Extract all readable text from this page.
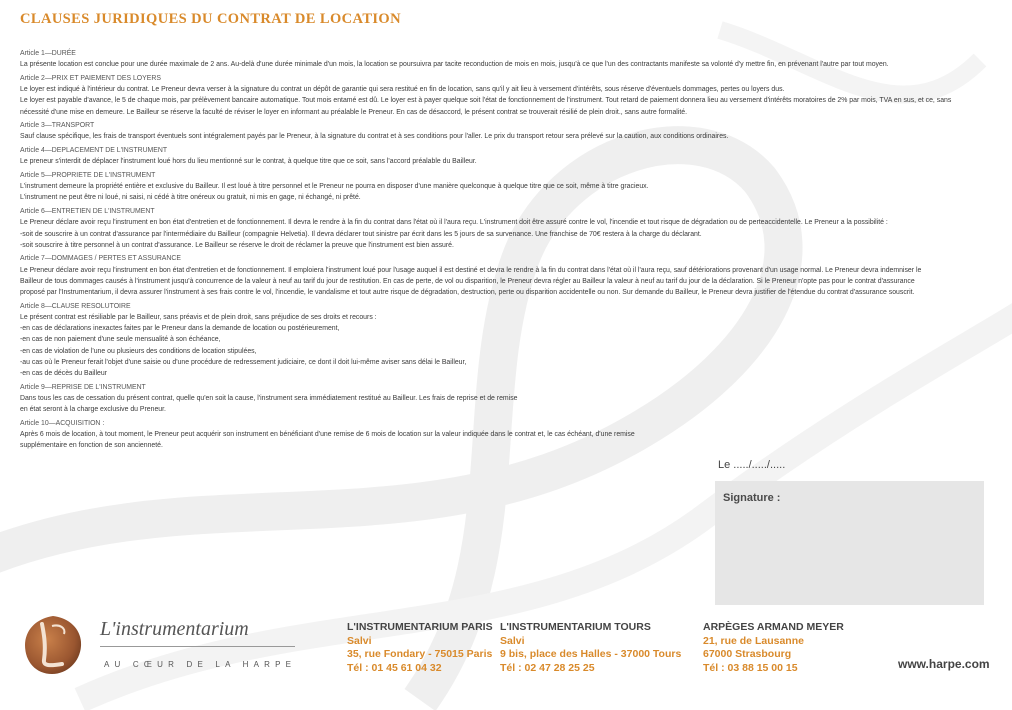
CLAUSES JURIDIQUES DU CONTRAT DE LOCATION
Article 1—DURÉE
La présente location est conclue pour une durée maximale de 2 ans. Au-delà d'une durée minimale d'un mois, la location se poursuivra par tacite reconduction de mois en mois, jusqu'à ce que l'un des contractants manifeste sa volonté d'y mettre fin, en prévenant l'autre par tout moyen.
Article 2—PRIX ET PAIEMENT DES LOYERS
Le loyer est indiqué à l'intérieur du contrat. Le Preneur devra verser à la signature du contrat un dépôt de garantie qui sera restitué en fin de location, sans qu'il y ait lieu à versement d'intérêts, sous réserve d'éventuels dommages, pertes ou loyers dus.
Le loyer est payable d'avance, le 5 de chaque mois, par prélèvement bancaire automatique. Tout mois entamé est dû. Le loyer est à payer quelque soit l'état de fonctionnement de l'instrument. Tout retard de paiement donnera lieu au versement d'intérêts moratoires de 2% par mois, TVA en sus, et ce, sans
nécessité d'une mise en demeure. Le Bailleur se réserve la faculté de réviser le loyer en informant au préalable le Preneur. En cas de désaccord, le présent contrat se trouverait résilié de plein droit., sans autre formalité.
Article 3—TRANSPORT
Sauf clause spécifique, les frais de transport éventuels sont intégralement payés par le Preneur, à la signature du contrat et à ses conditions pour l'aller. Le prix du transport retour sera prélevé sur la caution, aux conditions ordinaires.
Article 4—DEPLACEMENT DE L'INSTRUMENT
Le preneur s'interdit de déplacer l'instrument loué hors du lieu mentionné sur le contrat, à quelque titre que ce soit, sans l'accord préalable du Bailleur.
Article 5—PROPRIETE DE L'INSTRUMENT
L'instrument demeure la propriété entière et exclusive du Bailleur. Il est loué à titre personnel et le Preneur ne pourra en disposer d'une manière quelconque à quelque titre que ce soit, même à titre gracieux.
L'instrument ne peut être ni loué, ni saisi, ni cédé à titre onéreux ou gratuit, ni mis en gage, ni échangé, ni prêté.
Article 6—ENTRETIEN DE L'INSTRUMENT
Le Preneur déclare avoir reçu l'instrument en bon état d'entretien et de fonctionnement. Il devra le rendre à la fin du contrat dans l'état où il l'aura reçu. L'instrument doit être assuré contre le vol, l'incendie et tout risque de dégradation ou de perteaccidentelle. Le Preneur a la possibilité :
-soit de souscrire à un contrat d'assurance par l'intermédiaire du Bailleur (compagnie Helvetia). Il devra déclarer tout sinistre par écrit dans les 5 jours de sa survenance. Une franchise de 70€ restera à la charge du déclarant.
-soit souscrire à titre personnel à un contrat d'assurance. Le Bailleur se réserve le droit de réclamer la preuve que l'instrument est bien assuré.
Article 7—DOMMAGES / PERTES ET ASSURANCE
Le Preneur déclare avoir reçu l'instrument en bon état d'entretien et de fonctionnement. Il emploiera l'instrument loué pour l'usage auquel il est destiné et devra le rendre à la fin du contrat dans l'état où il l'aura reçu, sauf détériorations provenant d'un usage normal. Le Preneur devra indemniser le
Bailleur de tous dommages causés à l'instrument jusqu'à concurrence de la valeur à neuf au tarif du jour de restitution. En cas de perte, de vol ou disparition, le Preneur devra régler au Bailleur la valeur à neuf au tarif du jour de la déclaration. Si le Preneur n'opte pas pour le contrat d'assurance
proposé par l'Instrumentarium, il devra assurer l'instrument à ses frais contre le vol, l'incendie, le vandalisme et tout autre risque de dégradation, destruction, perte ou disparition accidentelle ou non. Sur demande du Bailleur, le Preneur devra justifier de l'étendue du contrat d'assurance souscrit.
Article 8—CLAUSE RESOLUTOIRE
Le présent contrat est résiliable par le Bailleur, sans préavis et de plein droit, sans préjudice de ses droits et recours :
-en cas de déclarations inexactes faites par le Preneur dans la demande de location ou postérieurement,
-en cas de non paiement d'une seule mensualité à son échéance,
-en cas de violation de l'une ou plusieurs des conditions de location stipulées,
-au cas où le Preneur ferait l'objet d'une saisie ou d'une procédure de redressement judiciaire, ce dont il doit lui-même aviser sans délai le Bailleur,
-en cas de décès du Bailleur
Article 9—REPRISE DE L'INSTRUMENT
Dans tous les cas de cessation du présent contrat, quelle qu'en soit la cause, l'instrument sera immédiatement restitué au Bailleur. Les frais de reprise et de remise
en état seront à la charge exclusive du Preneur.
Article 10—ACQUISITION :
Après 6 mois de location, à tout moment, le Preneur peut acquérir son instrument en bénéficiant d'une remise de 6 mois de location sur la valeur indiquée dans le contrat et, le cas échéant, d'une remise
supplémentaire en fonction de son ancienneté.
Le ...../...../.....
Signature :
L'instrumentarium
AU CŒUR DE LA HARPE
L'INSTRUMENTARIUM PARIS
Salvi
35, rue Fondary - 75015 Paris
Tél : 01 45 61 04 32
L'INSTRUMENTARIUM TOURS
Salvi
9 bis, place des Halles - 37000 Tours
Tél : 02 47 28 25 25
ARPÈGES ARMAND MEYER
21, rue de Lausanne
67000 Strasbourg
Tél : 03 88 15 00 15	www.harpe.com
